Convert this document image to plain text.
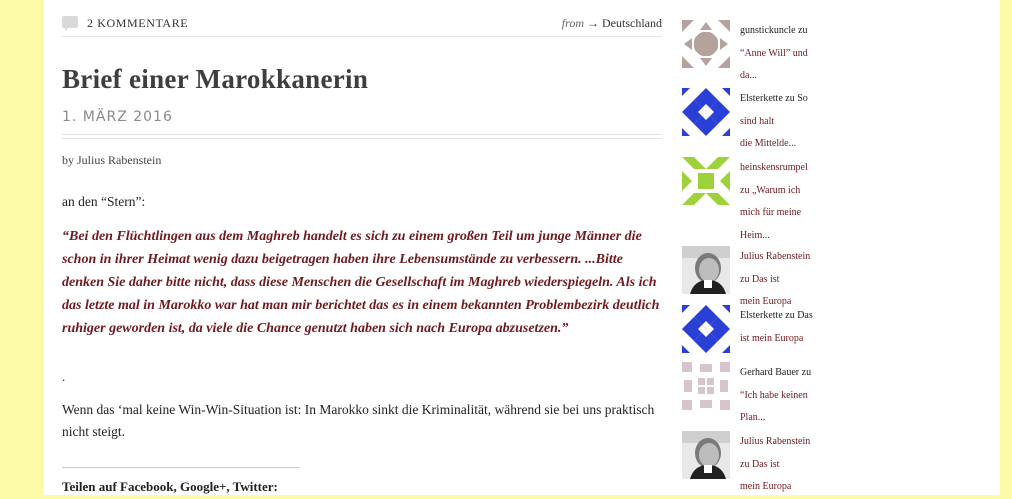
2 KOMMENTARE	from → Deutschland
Brief einer Marokkanerin
1. MÄRZ 2016
by Julius Rabenstein
an den “Stern”:
“Bei den Flüchtlingen aus dem Maghreb handelt es sich zu einem großen Teil um junge Männer die schon in ihrer Heimat wenig dazu beigetragen haben ihre Lebensumstände zu verbessern. ...Bitte denken Sie daher bitte nicht, dass diese Menschen die Gesellschaft im Maghreb wiederspiegeln. Als ich das letzte mal in Marokko war hat man mir berichtet das es in einem bekannten Problembezirk deutlich ruhiger geworden ist, da viele die Chance genutzt haben sich nach Europa abzusetzen.”
.
Wenn das ‘mal keine Win-Win-Situation ist: In Marokko sinkt die Kriminalität, während sie bei uns praktisch nicht steigt.
Teilen auf Facebook, Google+, Twitter:
gunstickuncle zu
“Anne Will” und
da...
Elsterkette zu So
sind halt
die Mittelde...
heinskensrumpel
zu „Warum ich
mich für meine
Heim...
Julius Rabenstein
zu Das ist
mein Europa
Elsterkette zu Das
ist mein Europa
Gerhard Bauer zu
“Ich habe keinen
Plan...
Julius Rabenstein
zu Das ist
mein Europa
